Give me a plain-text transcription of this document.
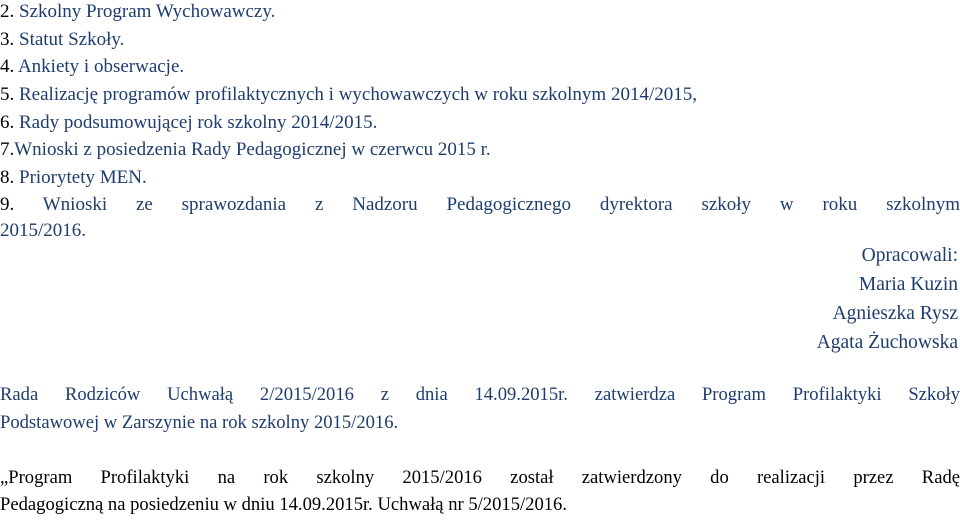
2. Szkolny Program Wychowawczy.
3. Statut Szkoły.
4. Ankiety i obserwacje.
5. Realizację programów profilaktycznych i wychowawczych w roku szkolnym 2014/2015,
6. Rady podsumowującej rok szkolny 2014/2015.
7.Wnioski z posiedzenia Rady Pedagogicznej w czerwcu 2015 r.
8. Priorytety MEN.
9. Wnioski ze sprawozdania z Nadzoru Pedagogicznego dyrektora szkoły w roku szkolnym
2015/2016.
Opracowali:
Maria Kuzin
Agnieszka Rysz
Agata Żuchowska
Rada Rodziców Uchwałą 2/2015/2016 z dnia 14.09.2015r. zatwierdza Program Profilaktyki Szkoły
Podstawowej w Zarszynie na rok szkolny 2015/2016.
„Program Profilaktyki na rok szkolny 2015/2016 został zatwierdzony do realizacji przez Radę
Pedagogiczną na posiedzeniu w dniu 14.09.2015r. Uchwałą nr 5/2015/2016.
